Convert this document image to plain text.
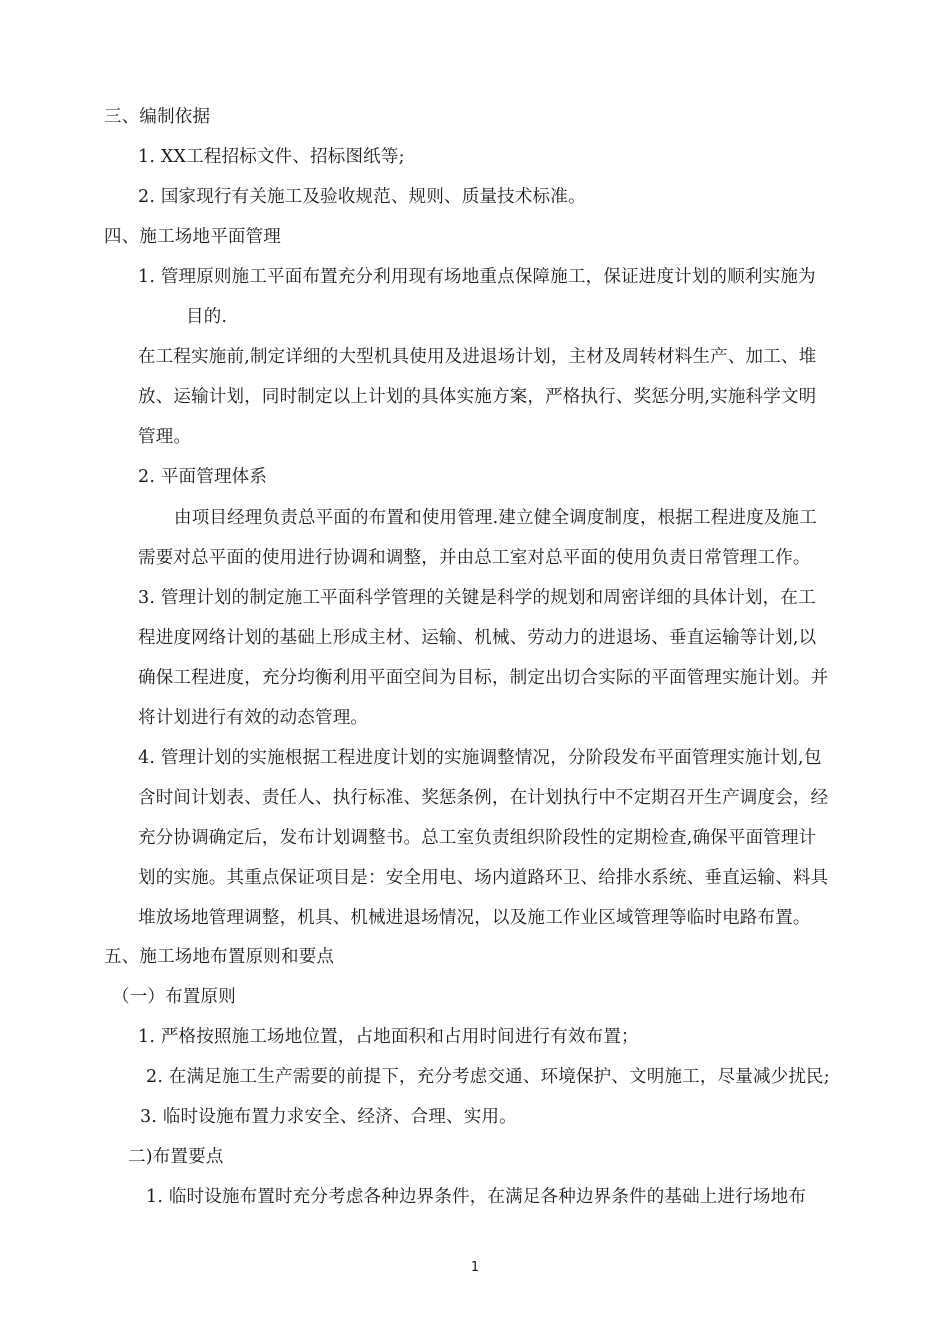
三、编制依据
1. XX工程招标文件、招标图纸等;
2. 国家现行有关施工及验收规范、规则、质量技术标准。
四、施工场地平面管理
1. 管理原则施工平面布置充分利用现有场地重点保障施工，保证进度计划的顺利实施为
目的.
在工程实施前,制定详细的大型机具使用及进退场计划，主材及周转材料生产、加工、堆
放、运输计划，同时制定以上计划的具体实施方案，严格执行、奖惩分明,实施科学文明
管理。
2. 平面管理体系
由项目经理负责总平面的布置和使用管理.建立健全调度制度，根据工程进度及施工
需要对总平面的使用进行协调和调整，并由总工室对总平面的使用负责日常管理工作。
3. 管理计划的制定施工平面科学管理的关键是科学的规划和周密详细的具体计划，在工
程进度网络计划的基础上形成主材、运输、机械、劳动力的进退场、垂直运输等计划,以
确保工程进度，充分均衡利用平面空间为目标，制定出切合实际的平面管理实施计划。并
将计划进行有效的动态管理。
4. 管理计划的实施根据工程进度计划的实施调整情况，分阶段发布平面管理实施计划,包
含时间计划表、责任人、执行标准、奖惩条例，在计划执行中不定期召开生产调度会，经
充分协调确定后，发布计划调整书。总工室负责组织阶段性的定期检查,确保平面管理计
划的实施。其重点保证项目是：安全用电、场内道路环卫、给排水系统、垂直运输、料具
堆放场地管理调整，机具、机械进退场情况，以及施工作业区域管理等临时电路布置。
五、施工场地布置原则和要点
（一）布置原则
1. 严格按照施工场地位置，占地面积和占用时间进行有效布置；
2. 在满足施工生产需要的前提下，充分考虑交通、环境保护、文明施工，尽量减少扰民;
3. 临时设施布置力求安全、经济、合理、实用。
二)布置要点
1. 临时设施布置时充分考虑各种边界条件，在满足各种边界条件的基础上进行场地布
1
